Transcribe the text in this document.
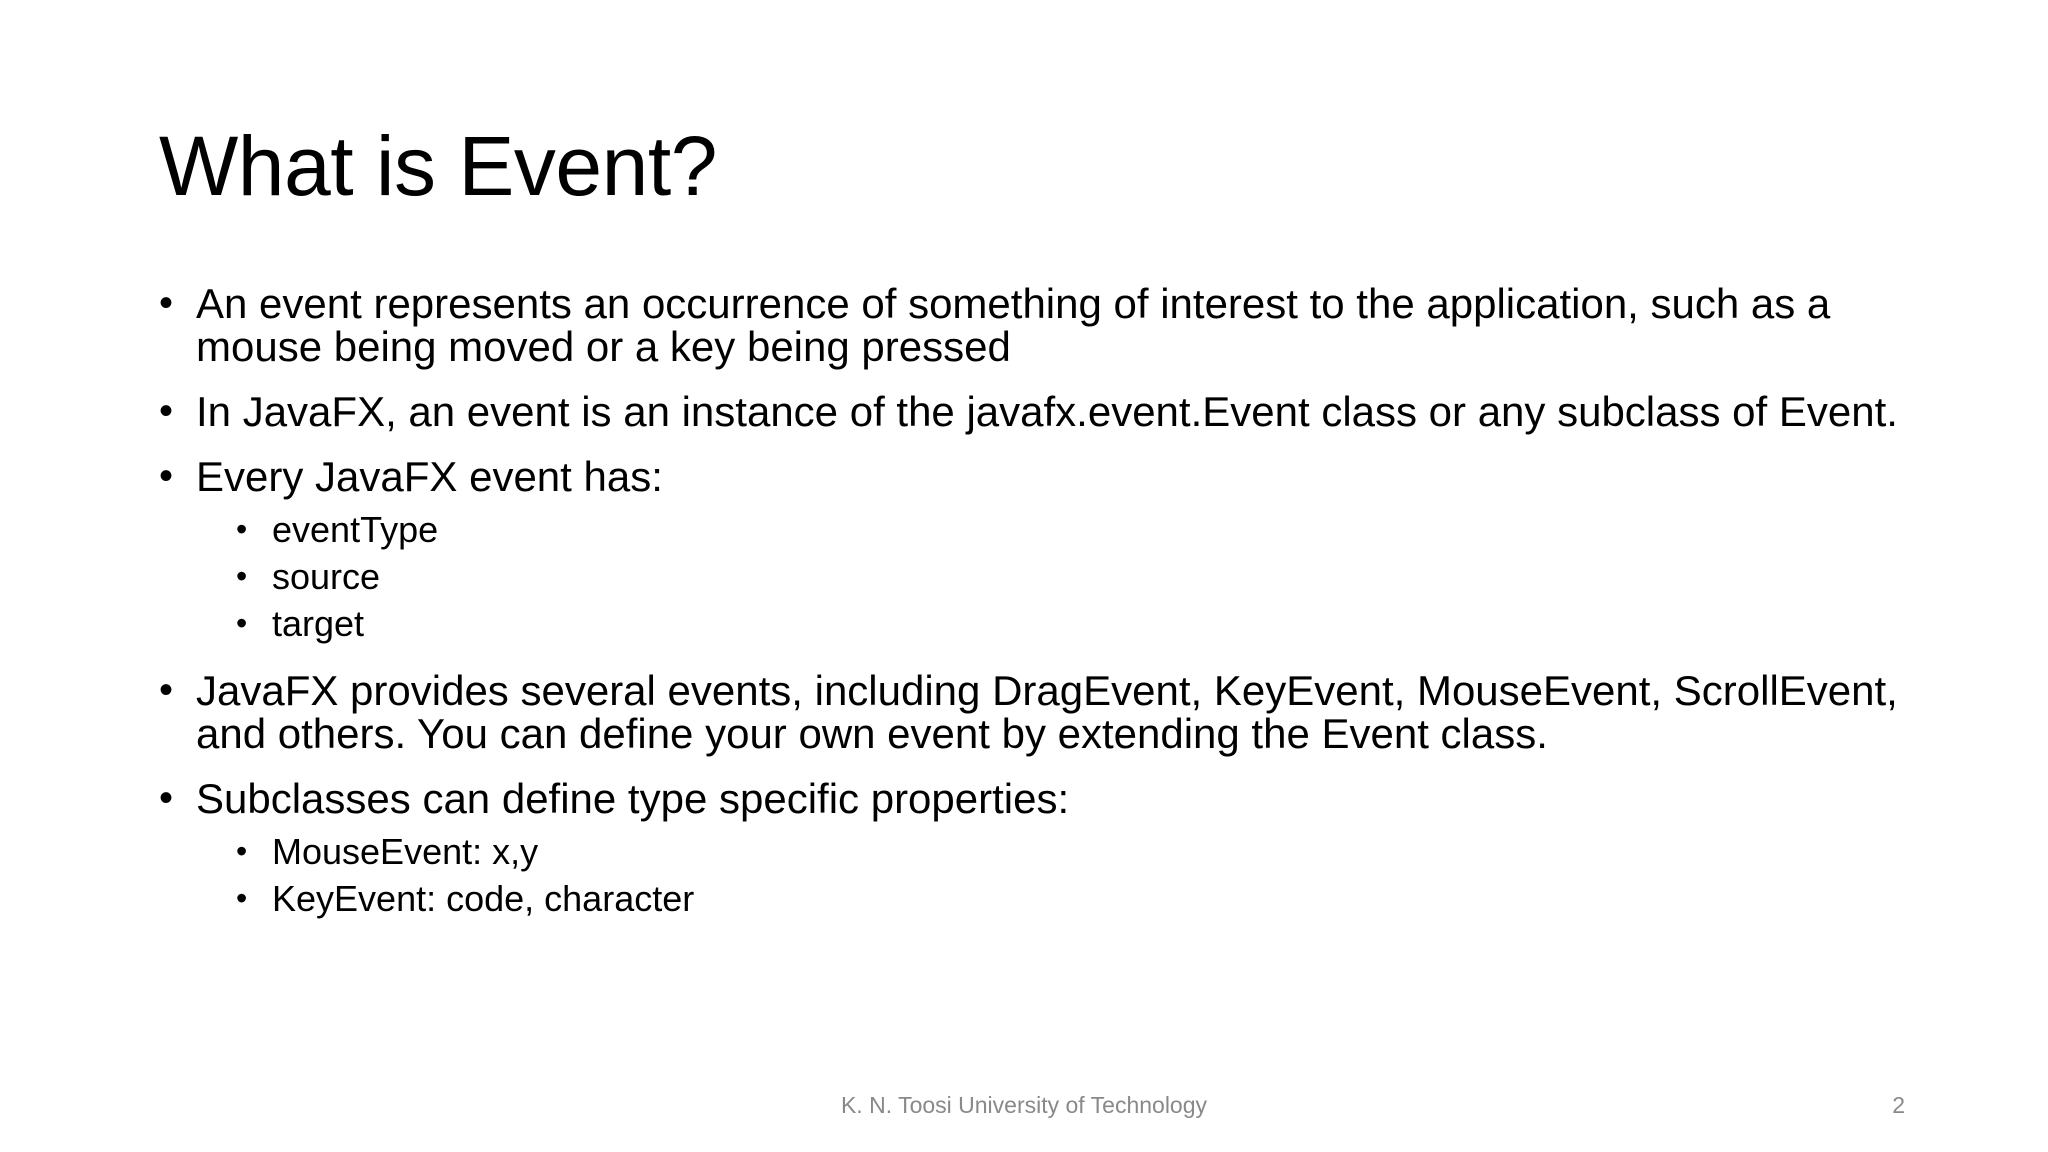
What is Event?
• An event represents an occurrence of something of interest to the application, such as a mouse being moved or a key being pressed
• In JavaFX, an event is an instance of the javafx.event.Event class or any subclass of Event.
• Every JavaFX event has:
• eventType
• source
• target
• JavaFX provides several events, including DragEvent, KeyEvent, MouseEvent, ScrollEvent, and others. You can define your own event by extending the Event class.
• Subclasses can define type specific properties:
• MouseEvent: x,y
• KeyEvent: code, character
K. N. Toosi University of Technology	2
